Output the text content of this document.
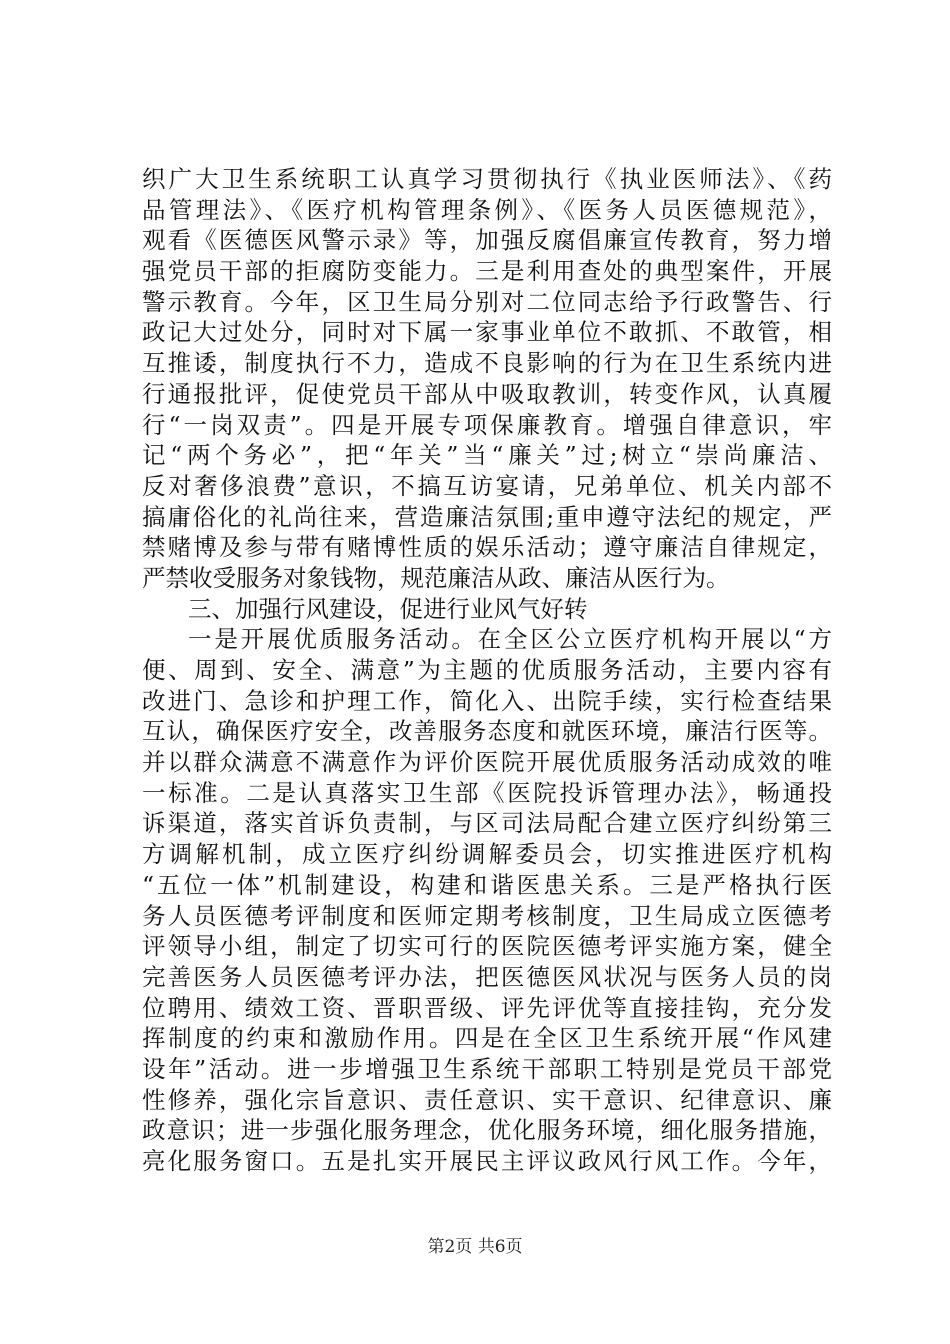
织广大卫生系统职工认真学习贯彻执行《执业医师法》、《药
品管理法》、《医疗机构管理条例》、《医务人员医德规范》，
观看《医德医风警示录》等，加强反腐倡廉宣传教育，努力增
强党员干部的拒腐防变能力。三是利用查处的典型案件，开展
警示教育。今年，区卫生局分别对二位同志给予行政警告、行
政记大过处分，同时对下属一家事业单位不敢抓、不敢管，相
互推诿，制度执行不力，造成不良影响的行为在卫生系统内进
行通报批评，促使党员干部从中吸取教训，转变作风，认真履
行“一岗双责”。四是开展专项保廉教育。增强自律意识，牢
记“两个务必”，把“年关”当“廉关”过;树立“崇尚廉洁、
反对奢侈浪费”意识，不搞互访宴请，兄弟单位、机关内部不
搞庸俗化的礼尚往来，营造廉洁氛围;重申遵守法纪的规定，严
禁赌博及参与带有赌博性质的娱乐活动；遵守廉洁自律规定，
严禁收受服务对象钱物，规范廉洁从政、廉洁从医行为。
三、加强行风建设，促进行业风气好转
一是开展优质服务活动。在全区公立医疗机构开展以“方
便、周到、安全、满意”为主题的优质服务活动，主要内容有
改进门、急诊和护理工作，简化入、出院手续，实行检查结果
互认，确保医疗安全，改善服务态度和就医环境，廉洁行医等。
并以群众满意不满意作为评价医院开展优质服务活动成效的唯
一标准。二是认真落实卫生部《医院投诉管理办法》，畅通投
诉渠道，落实首诉负责制，与区司法局配合建立医疗纠纷第三
方调解机制，成立医疗纠纷调解委员会，切实推进医疗机构
“五位一体”机制建设，构建和谐医患关系。三是严格执行医
务人员医德考评制度和医师定期考核制度，卫生局成立医德考
评领导小组，制定了切实可行的医院医德考评实施方案，健全
完善医务人员医德考评办法，把医德医风状况与医务人员的岗
位聘用、绩效工资、晋职晋级、评先评优等直接挂钩，充分发
挥制度的约束和激励作用。四是在全区卫生系统开展“作风建
设年”活动。进一步增强卫生系统干部职工特别是党员干部党
性修养，强化宗旨意识、责任意识、实干意识、纪律意识、廉
政意识；进一步强化服务理念，优化服务环境，细化服务措施，
亮化服务窗口。五是扎实开展民主评议政风行风工作。今年，
第2页 共6页
